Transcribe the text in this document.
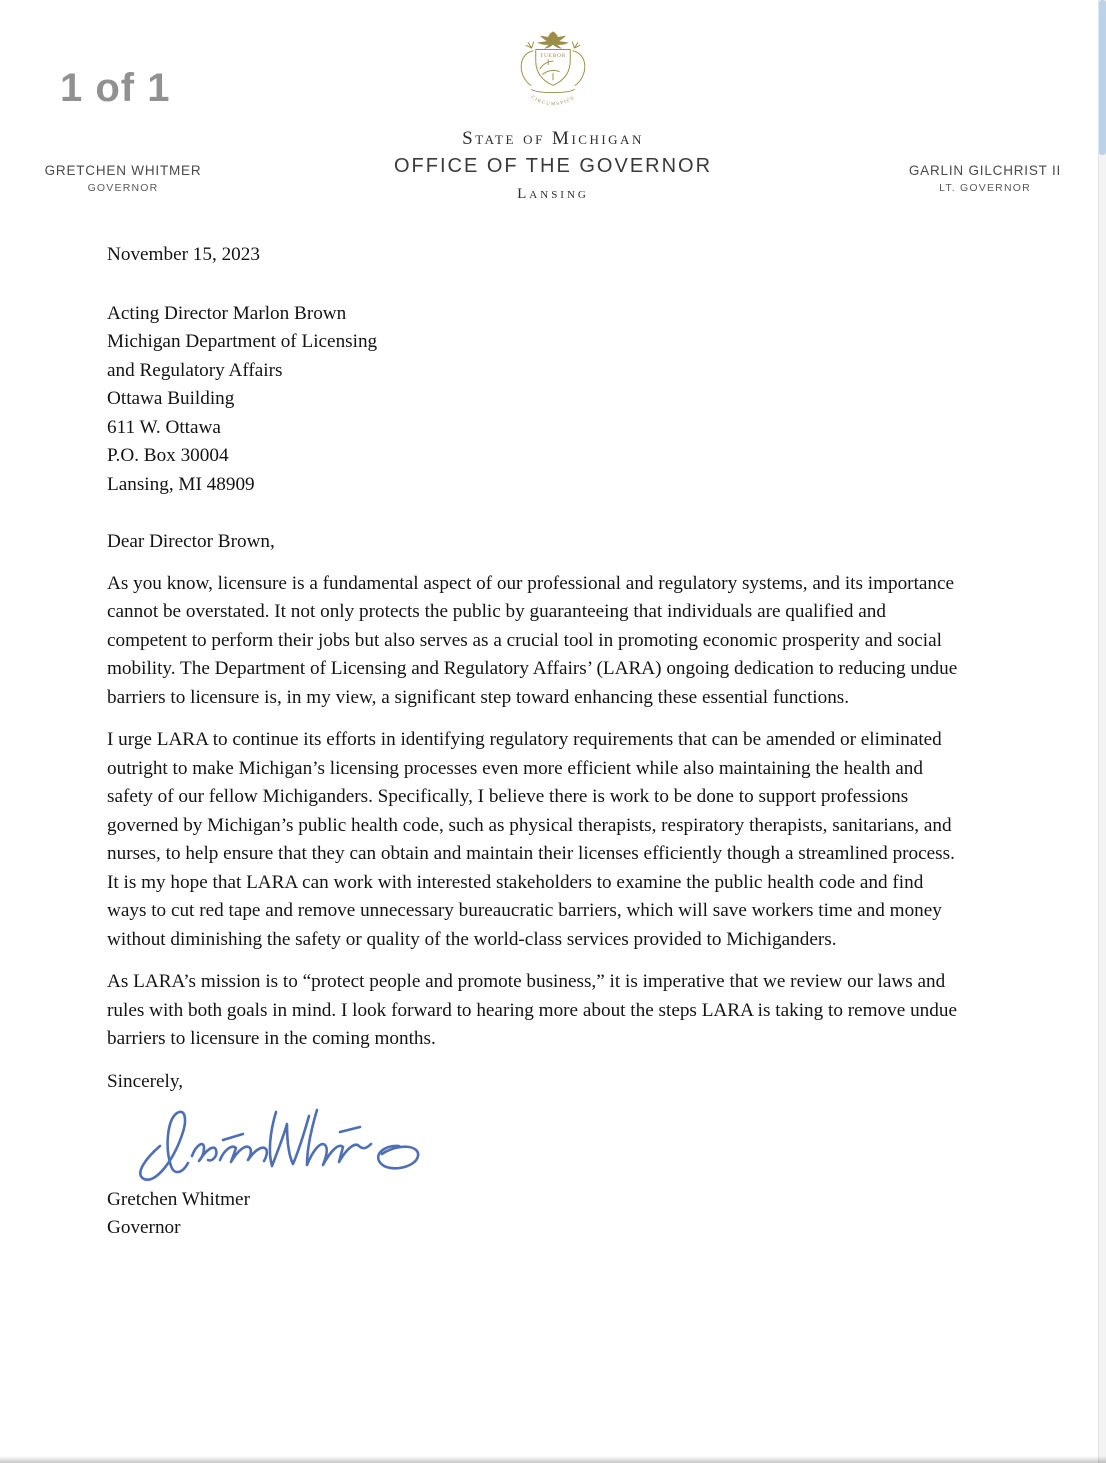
1 of 1
TUEBOR
CIRCUMSPICE
State of Michigan
OFFICE OF THE GOVERNOR
Lansing
GRETCHEN WHITMER
GOVERNOR
GARLIN GILCHRIST II
LT. GOVERNOR

November 15, 2023

Acting Director Marlon Brown
Michigan Department of Licensing
and Regulatory Affairs
Ottawa Building
611 W. Ottawa
P.O. Box 30004
Lansing, MI 48909

Dear Director Brown,

As you know, licensure is a fundamental aspect of our professional and regulatory systems, and its importance cannot be overstated. It not only protects the public by guaranteeing that individuals are qualified and competent to perform their jobs but also serves as a crucial tool in promoting economic prosperity and social mobility. The Department of Licensing and Regulatory Affairs’ (LARA) ongoing dedication to reducing undue barriers to licensure is, in my view, a significant step toward enhancing these essential functions.

I urge LARA to continue its efforts in identifying regulatory requirements that can be amended or eliminated outright to make Michigan’s licensing processes even more efficient while also maintaining the health and safety of our fellow Michiganders. Specifically, I believe there is work to be done to support professions governed by Michigan’s public health code, such as physical therapists, respiratory therapists, sanitarians, and nurses, to help ensure that they can obtain and maintain their licenses efficiently though a streamlined process. It is my hope that LARA can work with interested stakeholders to examine the public health code and find ways to cut red tape and remove unnecessary bureaucratic barriers, which will save workers time and money without diminishing the safety or quality of the world-class services provided to Michiganders.

As LARA’s mission is to “protect people and promote business,” it is imperative that we review our laws and rules with both goals in mind. I look forward to hearing more about the steps LARA is taking to remove undue barriers to licensure in the coming months.

Sincerely,

Gretchen Whitmer
Governor
